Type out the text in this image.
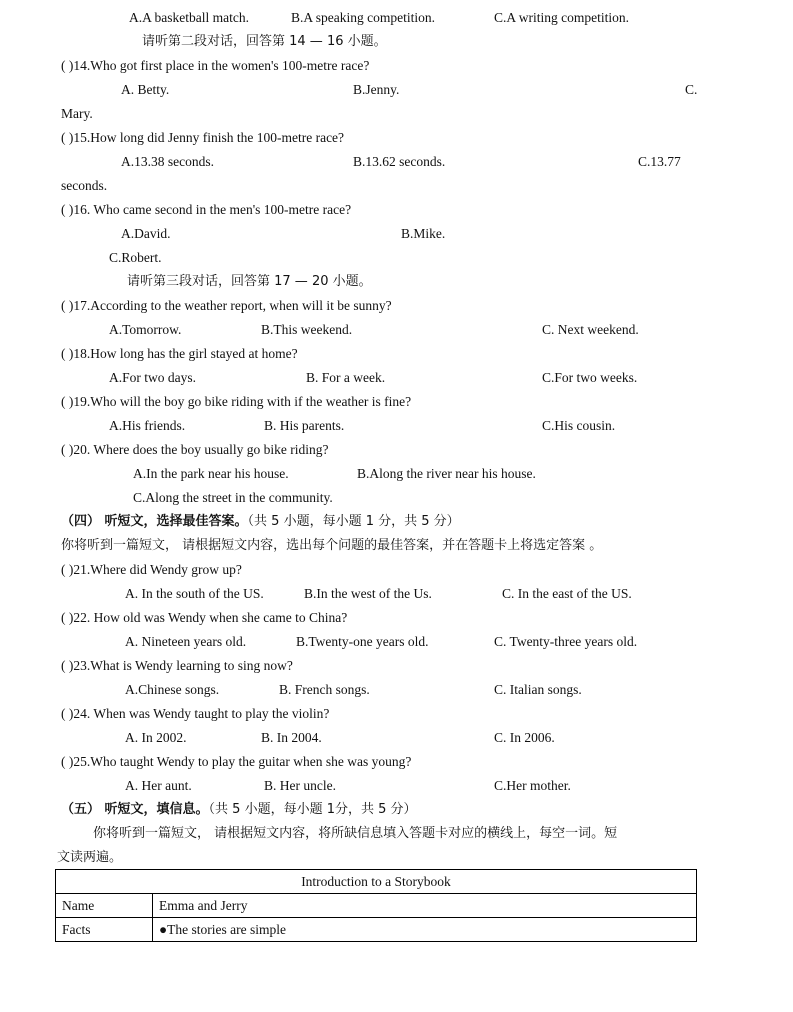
A.A basketball match.	B.A speaking competition.	C.A writing competition.
请听第二段对话，回答第 14 — 16 小题。
( )14.Who got first place in the women's 100-metre race?
A. Betty.	B.Jenny.	C.
Mary.
( )15.How long did Jenny finish the 100-metre race?
A.13.38 seconds.	B.13.62 seconds.	C.13.77
seconds.
( )16. Who came second in the men's 100-metre race?
A.David.	B.Mike.
C.Robert.
请听第三段对话，回答第 17 — 20 小题。
( )17.According to the weather report, when will it be sunny?
A.Tomorrow.	B.This weekend.	C. Next weekend.
( )18.How long has the girl stayed at home?
A.For two days.	B. For a week.	C.For two weeks.
( )19.Who will the boy go bike riding with if the weather is fine?
A.His friends.	B. His parents.	C.His cousin.
( )20. Where does the boy usually go bike riding?
A.In the park near his house.	B.Along the river near his house.
C.Along the street in the community.
（四） 听短文，选择最佳答案。（共 5 小题，每小题 1 分，共 5 分）
你将听到一篇短文， 请根据短文内容，选出每个问题的最佳答案，并在答题卡上将选定答案 。
( )21.Where did Wendy grow up?
A. In the south of the US.	B.In the west of the Us.	C. In the east of the US.
( )22. How old was Wendy when she came to China?
A. Nineteen years old.	B.Twenty-one years old.	C. Twenty-three years old.
( )23.What is Wendy learning to sing now?
A.Chinese songs.	B. French songs.	C. Italian songs.
( )24. When was Wendy taught to play the violin?
A. In 2002.	B. In 2004.	C. In 2006.
( )25.Who taught Wendy to play the guitar when she was young?
A. Her aunt.	B. Her uncle.	C.Her mother.
（五） 听短文，填信息。（共 5 小题，每小题 1分，共 5 分）
你将听到一篇短文， 请根据短文内容，将所缺信息填入答题卡对应的横线上，每空一词。短
文读两遍。
Introduction to a Storybook	
Name	Emma and Jerry
Facts	●The stories are simple
